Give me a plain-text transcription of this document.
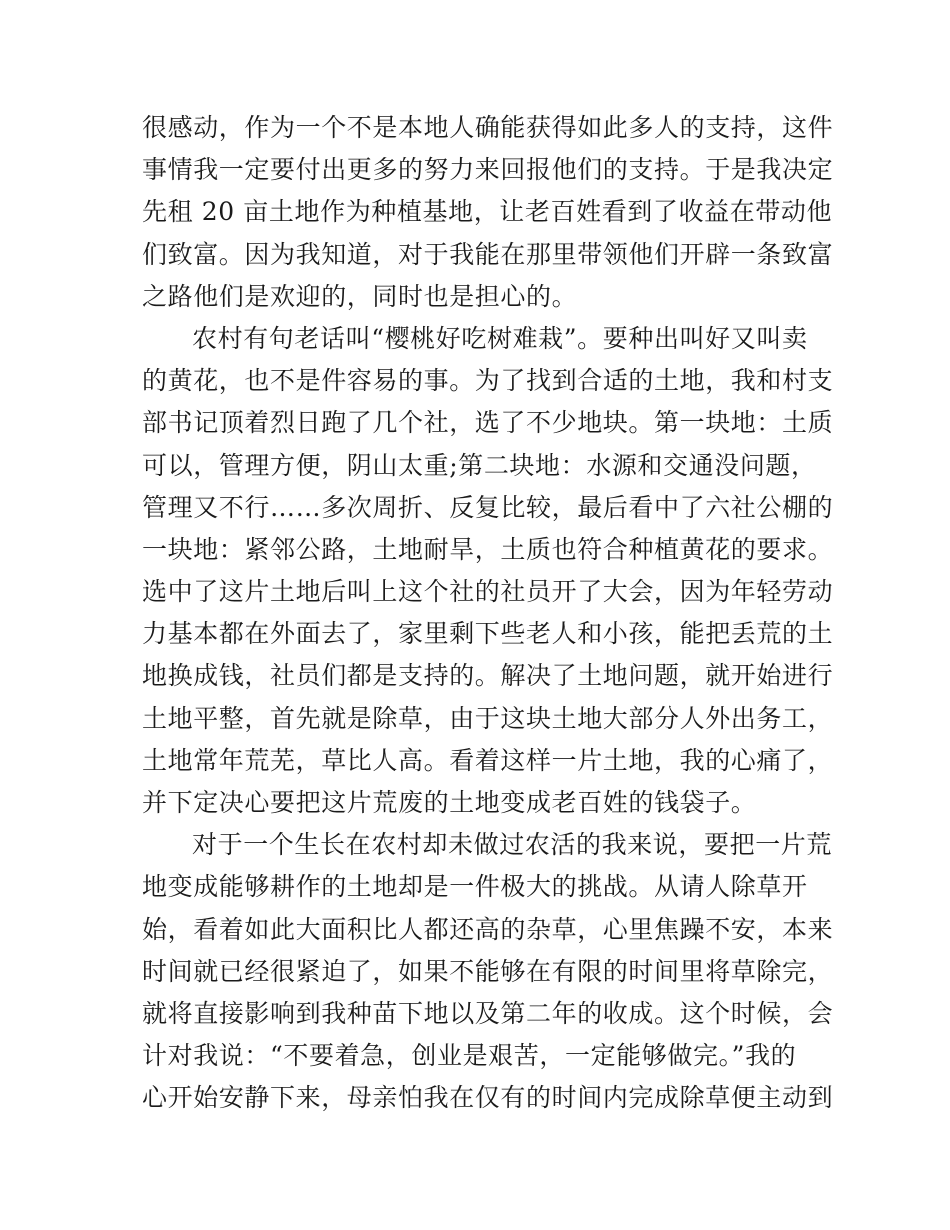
很感动，作为一个不是本地人确能获得如此多人的支持，这件
事情我一定要付出更多的努力来回报他们的支持。于是我决定
先租 20 亩土地作为种植基地，让老百姓看到了收益在带动他
们致富。因为我知道，对于我能在那里带领他们开辟一条致富
之路他们是欢迎的，同时也是担心的。
农村有句老话叫“樱桃好吃树难栽”。要种出叫好又叫卖
的黄花，也不是件容易的事。为了找到合适的土地，我和村支
部书记顶着烈日跑了几个社，选了不少地块。第一块地：土质
可以，管理方便，阴山太重;第二块地：水源和交通没问题，
管理又不行……多次周折、反复比较，最后看中了六社公棚的
一块地：紧邻公路，土地耐旱，土质也符合种植黄花的要求。
选中了这片土地后叫上这个社的社员开了大会，因为年轻劳动
力基本都在外面去了，家里剩下些老人和小孩，能把丢荒的土
地换成钱，社员们都是支持的。解决了土地问题，就开始进行
土地平整，首先就是除草，由于这块土地大部分人外出务工，
土地常年荒芜，草比人高。看着这样一片土地，我的心痛了，
并下定决心要把这片荒废的土地变成老百姓的钱袋子。
对于一个生长在农村却未做过农活的我来说，要把一片荒
地变成能够耕作的土地却是一件极大的挑战。从请人除草开
始，看着如此大面积比人都还高的杂草，心里焦躁不安，本来
时间就已经很紧迫了，如果不能够在有限的时间里将草除完，
就将直接影响到我种苗下地以及第二年的收成。这个时候，会
计对我说：“不要着急，创业是艰苦，一定能够做完。”我的
心开始安静下来，母亲怕我在仅有的时间内完成除草便主动到
